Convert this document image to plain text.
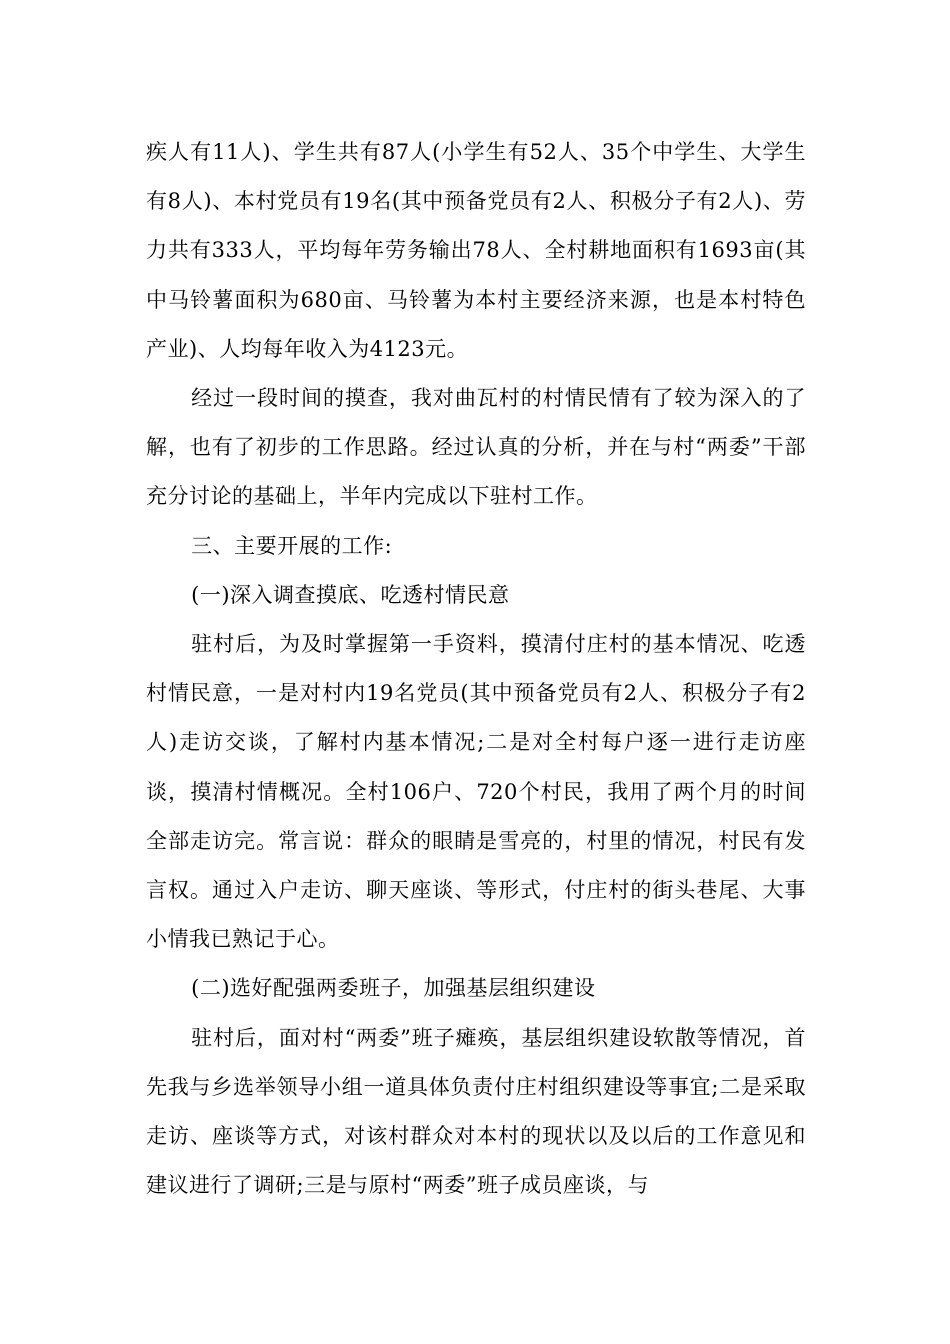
疾人有11人)、学生共有87人(小学生有52人、35个中学生、大学生有8人)、本村党员有19名(其中预备党员有2人、积极分子有2人)、劳力共有333人，平均每年劳务输出78人、全村耕地面积有1693亩(其中马铃薯面积为680亩、马铃薯为本村主要经济来源，也是本村特色产业)、人均每年收入为4123元。

经过一段时间的摸查，我对曲瓦村的村情民情有了较为深入的了解，也有了初步的工作思路。经过认真的分析，并在与村“两委”干部充分讨论的基础上，半年内完成以下驻村工作。

三、主要开展的工作:

(一)深入调查摸底、吃透村情民意

驻村后，为及时掌握第一手资料，摸清付庄村的基本情况、吃透村情民意，一是对村内19名党员(其中预备党员有2人、积极分子有2人)走访交谈，了解村内基本情况;二是对全村每户逐一进行走访座谈，摸清村情概况。全村106户、720个村民，我用了两个月的时间全部走访完。常言说：群众的眼睛是雪亮的，村里的情况，村民有发言权。通过入户走访、聊天座谈、等形式，付庄村的街头巷尾、大事小情我已熟记于心。

(二)选好配强两委班子，加强基层组织建设

驻村后，面对村“两委”班子瘫痪，基层组织建设软散等情况，首先我与乡选举领导小组一道具体负责付庄村组织建设等事宜;二是采取走访、座谈等方式，对该村群众对本村的现状以及以后的工作意见和建议进行了调研;三是与原村“两委”班子成员座谈，与
